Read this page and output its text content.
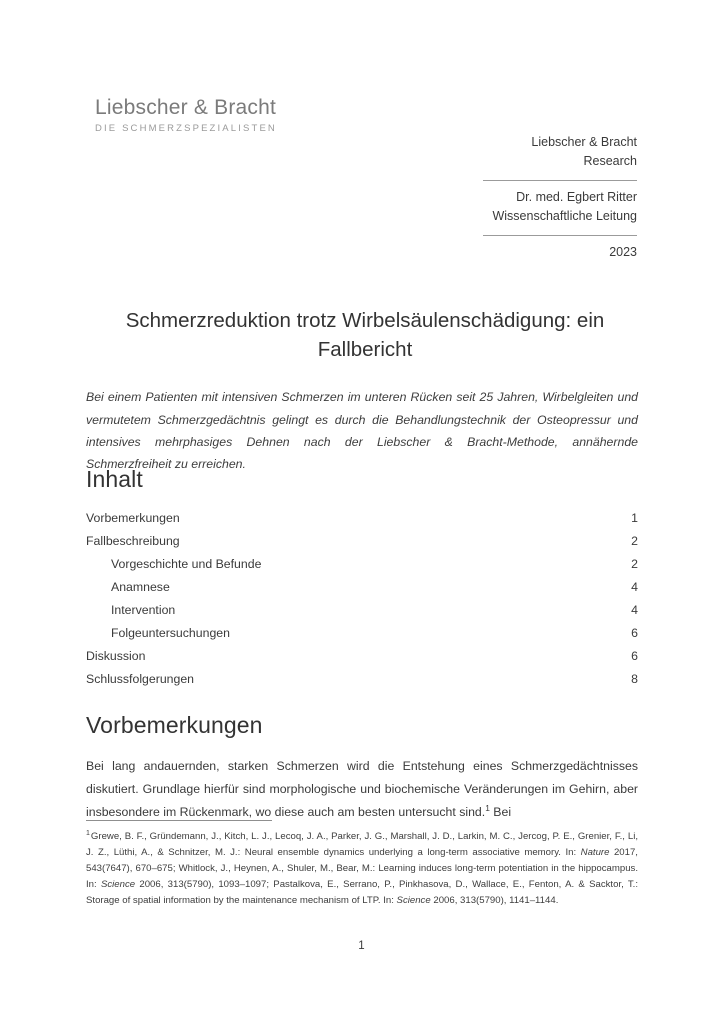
Liebscher & Bracht
DIE SCHMERZSPEZIALISTEN
Liebscher & Bracht
Research
Dr. med. Egbert Ritter
Wissenschaftliche Leitung
2023
Schmerzreduktion trotz Wirbelsäulenschädigung: ein Fallbericht

Bei einem Patienten mit intensiven Schmerzen im unteren Rücken seit 25 Jahren, Wirbelgleiten und vermutetem Schmerzgedächtnis gelingt es durch die Behandlungstechnik der Osteopressur und intensives mehrphasiges Dehnen nach der Liebscher & Bracht-Methode, annähernde Schmerzfreiheit zu erreichen.

Inhalt
Vorbemerkungen	1
Fallbeschreibung	2
Vorgeschichte und Befunde	2
Anamnese	4
Intervention	4
Folgeuntersuchungen	6
Diskussion	6
Schlussfolgerungen	8
Vorbemerkungen

Bei lang andauernden, starken Schmerzen wird die Entstehung eines Schmerzgedächtnisses diskutiert. Grundlage hierfür sind morphologische und biochemische Veränderungen im Gehirn, aber insbesondere im Rückenmark, wo diese auch am besten untersucht sind.$^1$ Bei

$^1$Grewe, B. F., Gründemann, J., Kitch, L. J., Lecoq, J. A., Parker, J. G., Marshall, J. D., Larkin, M. C., Jercog, P. E., Grenier, F., Li, J. Z., Lüthi, A., & Schnitzer, M. J.: Neural ensemble dynamics underlying a long-term associative memory. In: Nature 2017, 543(7647), 670–675; Whitlock, J., Heynen, A., Shuler, M., Bear, M.: Learning induces long-term potentiation in the hippocampus. In: Science 2006, 313(5790), 1093–1097; Pastalkova, E., Serrano, P., Pinkhasova, D., Wallace, E., Fenton, A. & Sacktor, T.: Storage of spatial information by the maintenance mechanism of LTP. In: Science 2006, 313(5790), 1141–1144.
1
